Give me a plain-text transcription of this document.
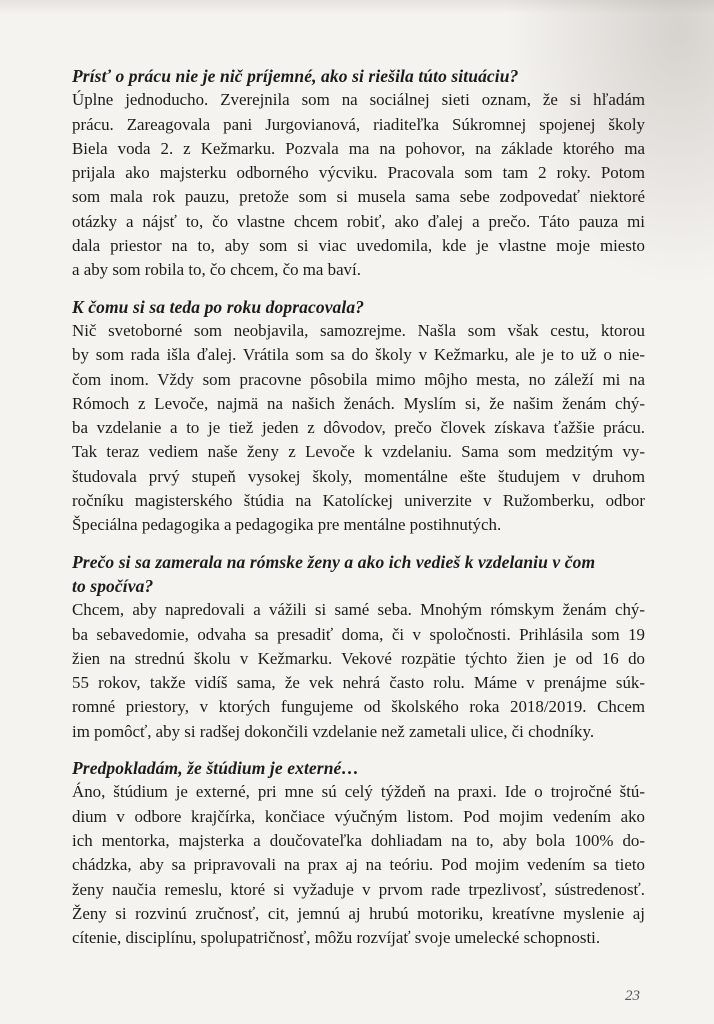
Prísť o prácu nie je nič príjemné, ako si riešila túto situáciu?

Úplne jednoducho. Zverejnila som na sociálnej sieti oznam, že si hľadám
prácu. Zareagovala pani Jurgovianová, riaditeľka Súkromnej spojenej školy
Biela voda 2. z Kežmarku. Pozvala ma na pohovor, na základe ktorého ma
prijala ako majsterku odborného výcviku. Pracovala som tam 2 roky. Potom
som mala rok pauzu, pretože som si musela sama sebe zodpovedať niektoré
otázky a nájsť to, čo vlastne chcem robiť, ako ďalej a prečo. Táto pauza mi
dala priestor na to, aby som si viac uvedomila, kde je vlastne moje miesto
a aby som robila to, čo chcem, čo ma baví.

K čomu si sa teda po roku dopracovala?

Nič svetoborné som neobjavila, samozrejme. Našla som však cestu, ktorou
by som rada išla ďalej. Vrátila som sa do školy v Kežmarku, ale je to už o nie-
čom inom. Vždy som pracovne pôsobila mimo môjho mesta, no záleží mi na
Rómoch z Levoče, najmä na našich ženách. Myslím si, že našim ženám chý-
ba vzdelanie a to je tiež jeden z dôvodov, prečo človek získava ťažšie prácu.
Tak teraz vediem naše ženy z Levoče k vzdelaniu. Sama som medzitým vy-
študovala prvý stupeň vysokej školy, momentálne ešte študujem v druhom
ročníku magisterského štúdia na Katolíckej univerzite v Ružomberku, odbor
Špeciálna pedagogika a pedagogika pre mentálne postihnutých.

Prečo si sa zamerala na rómske ženy a ako ich vedieš k vzdelaniu v čom
to spočíva?

Chcem, aby napredovali a vážili si samé seba. Mnohým rómskym ženám chý-
ba sebavedomie, odvaha sa presadiť doma, či v spoločnosti. Prihlásila som 19
žien na strednú školu v Kežmarku. Vekové rozpätie týchto žien je od 16 do
55 rokov, takže vidíš sama, že vek nehrá často rolu. Máme v prenájme súk-
romné priestory, v ktorých fungujeme od školského roka 2018/2019. Chcem
im pomôcť, aby si radšej dokončili vzdelanie než zametali ulice, či chodníky.

Predpokladám, že štúdium je externé…

Áno, štúdium je externé, pri mne sú celý týždeň na praxi. Ide o trojročné štú-
dium v odbore krajčírka, končiace výučným listom. Pod mojim vedením ako
ich mentorka, majsterka a doučovateľka dohliadam na to, aby bola 100% do-
chádzka, aby sa pripravovali na prax aj na teóriu. Pod mojim vedením sa tieto
ženy naučia remeslu, ktoré si vyžaduje v prvom rade trpezlivosť, sústredenosť.
Ženy si rozvinú zručnosť, cit, jemnú aj hrubú motoriku, kreatívne myslenie aj
cítenie, disciplínu, spolupatričnosť, môžu rozvíjať svoje umelecké schopnosti.
23
